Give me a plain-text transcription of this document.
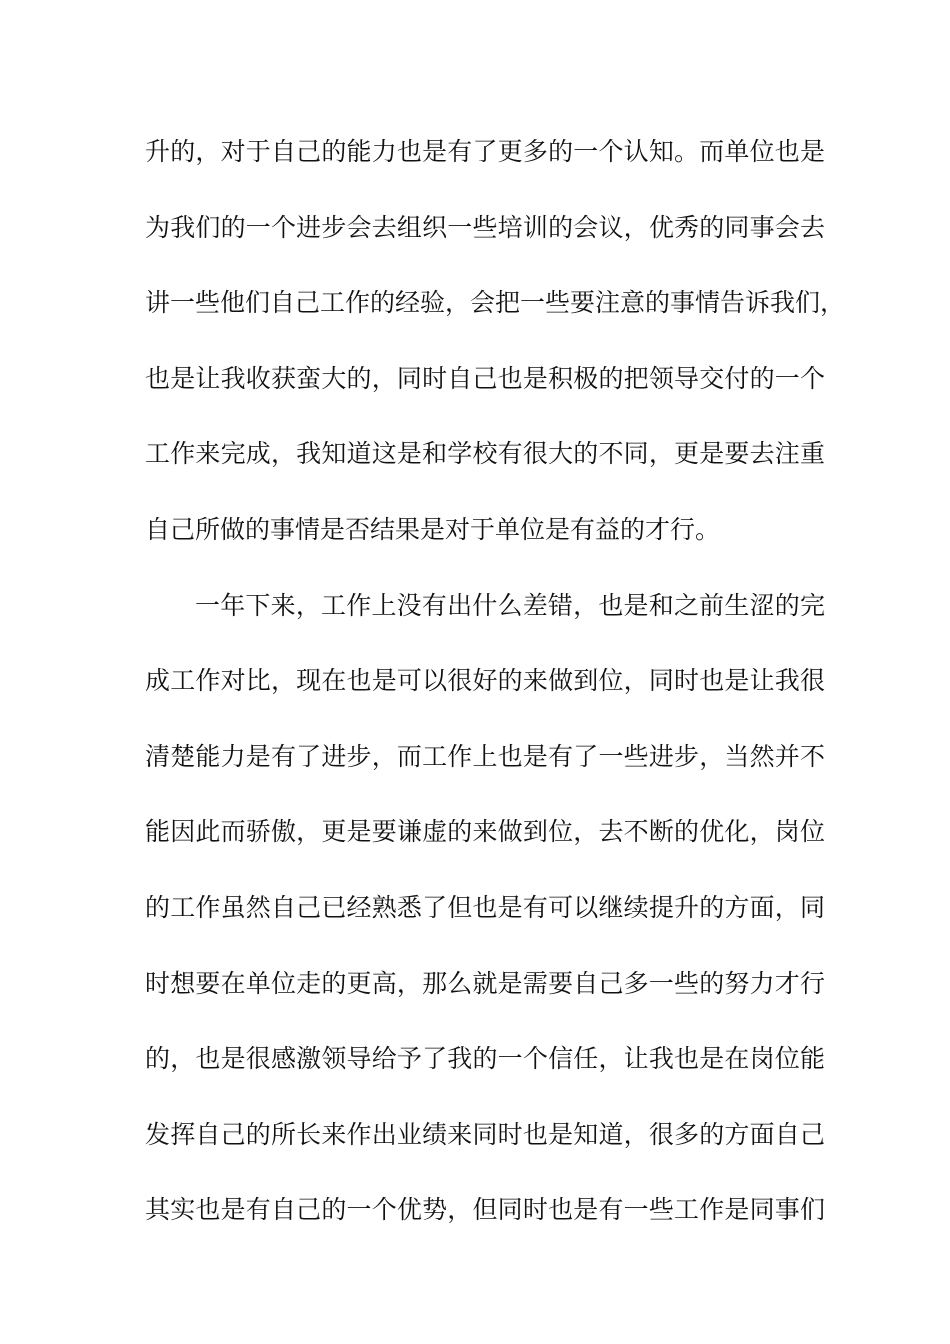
升的，对于自己的能力也是有了更多的一个认知。而单位也是
为我们的一个进步会去组织一些培训的会议，优秀的同事会去
讲一些他们自己工作的经验，会把一些要注意的事情告诉我们，
也是让我收获蛮大的，同时自己也是积极的把领导交付的一个
工作来完成，我知道这是和学校有很大的不同，更是要去注重
自己所做的事情是否结果是对于单位是有益的才行。
一年下来，工作上没有出什么差错，也是和之前生涩的完
成工作对比，现在也是可以很好的来做到位，同时也是让我很
清楚能力是有了进步，而工作上也是有了一些进步，当然并不
能因此而骄傲，更是要谦虚的来做到位，去不断的优化，岗位
的工作虽然自己已经熟悉了但也是有可以继续提升的方面，同
时想要在单位走的更高，那么就是需要自己多一些的努力才行
的，也是很感激领导给予了我的一个信任，让我也是在岗位能
发挥自己的所长来作出业绩来同时也是知道，很多的方面自己
其实也是有自己的一个优势，但同时也是有一些工作是同事们
